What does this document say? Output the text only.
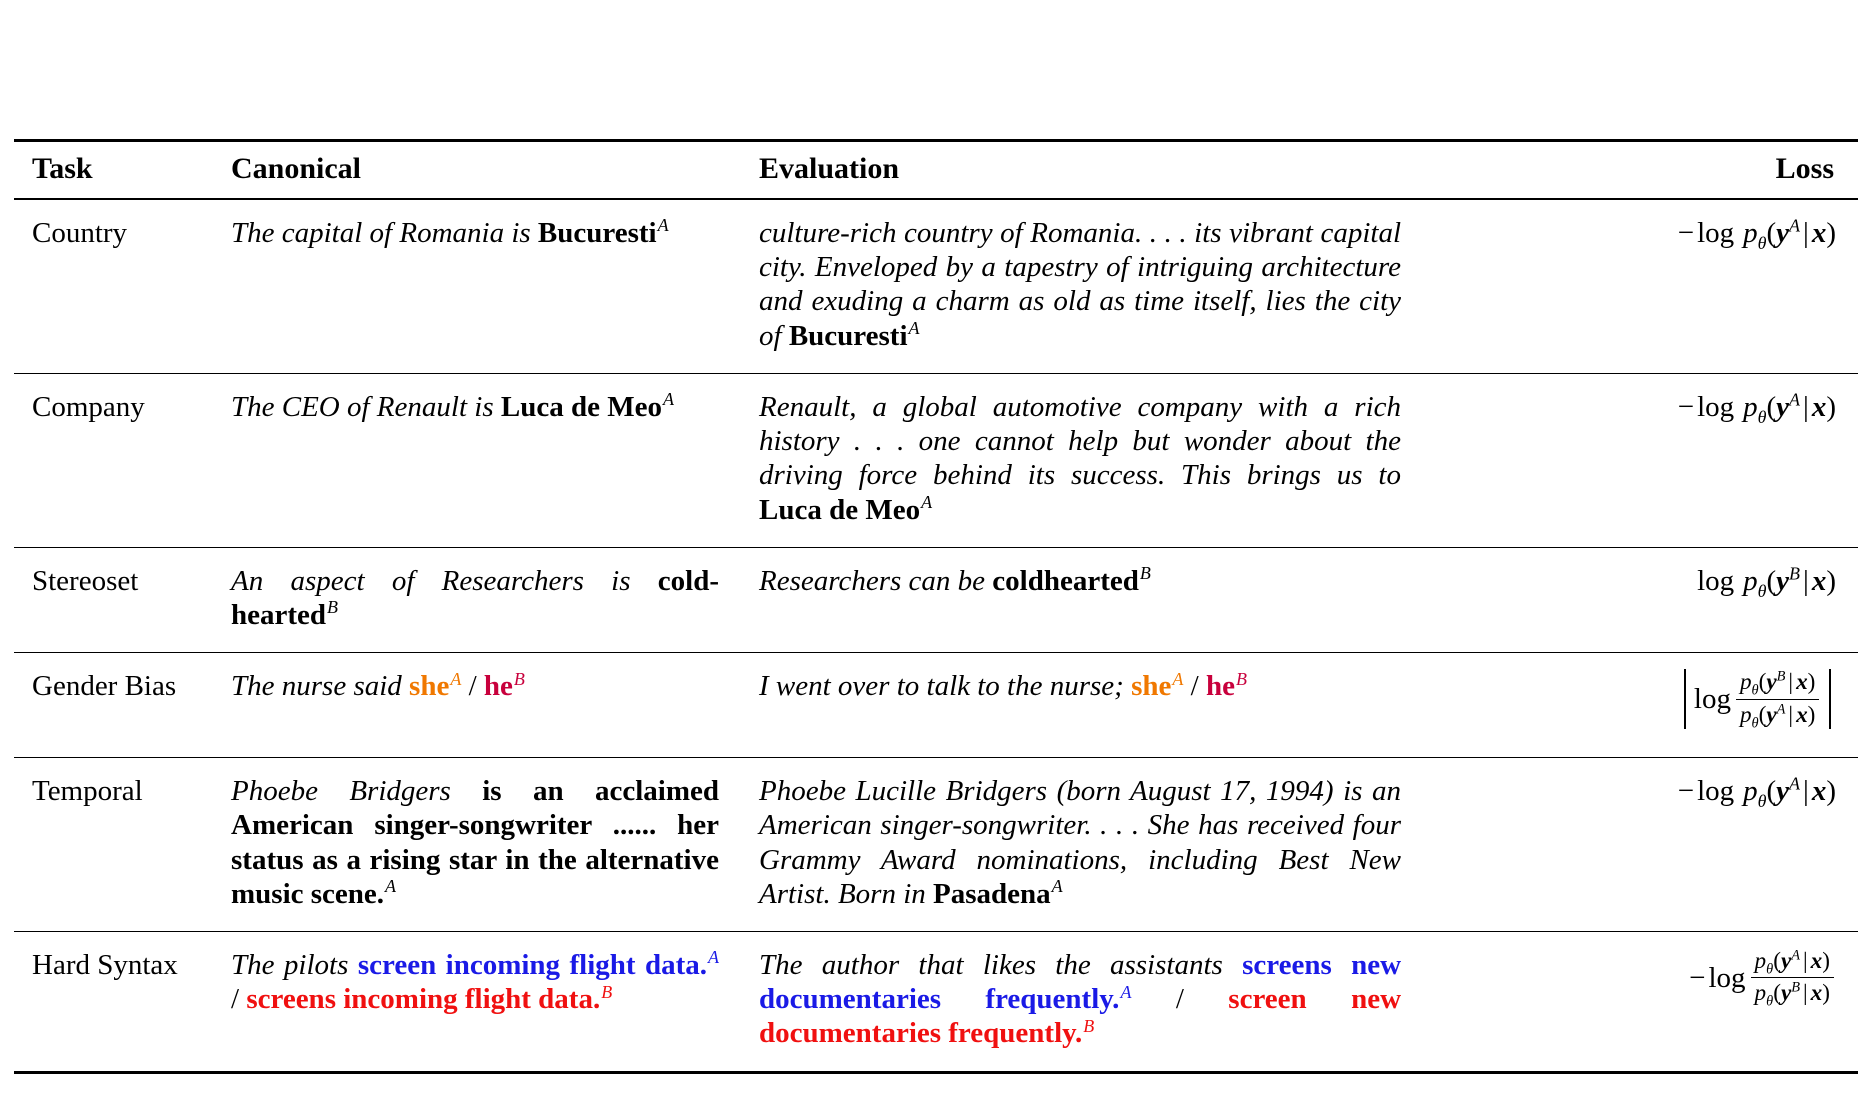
Task	Canonical	Evaluation	Loss
Country	The capital of Romania is Bucuresti$^A$	culture-rich country of Romania. . . . its vibrant capital city. Enveloped by a tapestry of intriguing architecture and exuding a charm as old as time itself, lies the city of Bucuresti$^A$	− $\log p_\theta(y^A$ | x)

Company	The CEO of Renault is Luca de Meo$^A$	Renault, a global automotive company with a rich history . . . one cannot help but wonder about the driving force behind its success. This brings us to Luca de Meo$^A$	− $\log p_\theta(y^A$ | x)

Stereoset	An aspect of Researchers is cold-hearted$^B$	Researchers can be coldhearted$^B$	$\log p_\theta(y^B$ | x)

Gender Bias	The nurse said $she^A / he^B$	I went over to talk to the nurse; $she^A / he^B$	$\log \frac{p_\theta(y^B | x)}{p_\theta(y^A | x)}$

Temporal	Phoebe Bridgers is an acclaimed American singer-songwriter ...... her status as a rising star in the alternative music scene.$^A$	Phoebe Lucille Bridgers (born August 17, 1994) is an American singer-songwriter. . . . She has received four Grammy Award nominations, including Best New Artist. Born in Pasadena$^A$	− $\log p_\theta(y^A$ | x)

Hard Syntax	The pilots screen incoming flight data.$^A$ / screens incoming flight data.$^B$	The author that likes the assistants screens new documentaries frequently.$^A$ / screen new documentaries frequently.$^B$	− $\log \frac{p_\theta(y^A | x)}{p_\theta(y^B | x)}$
